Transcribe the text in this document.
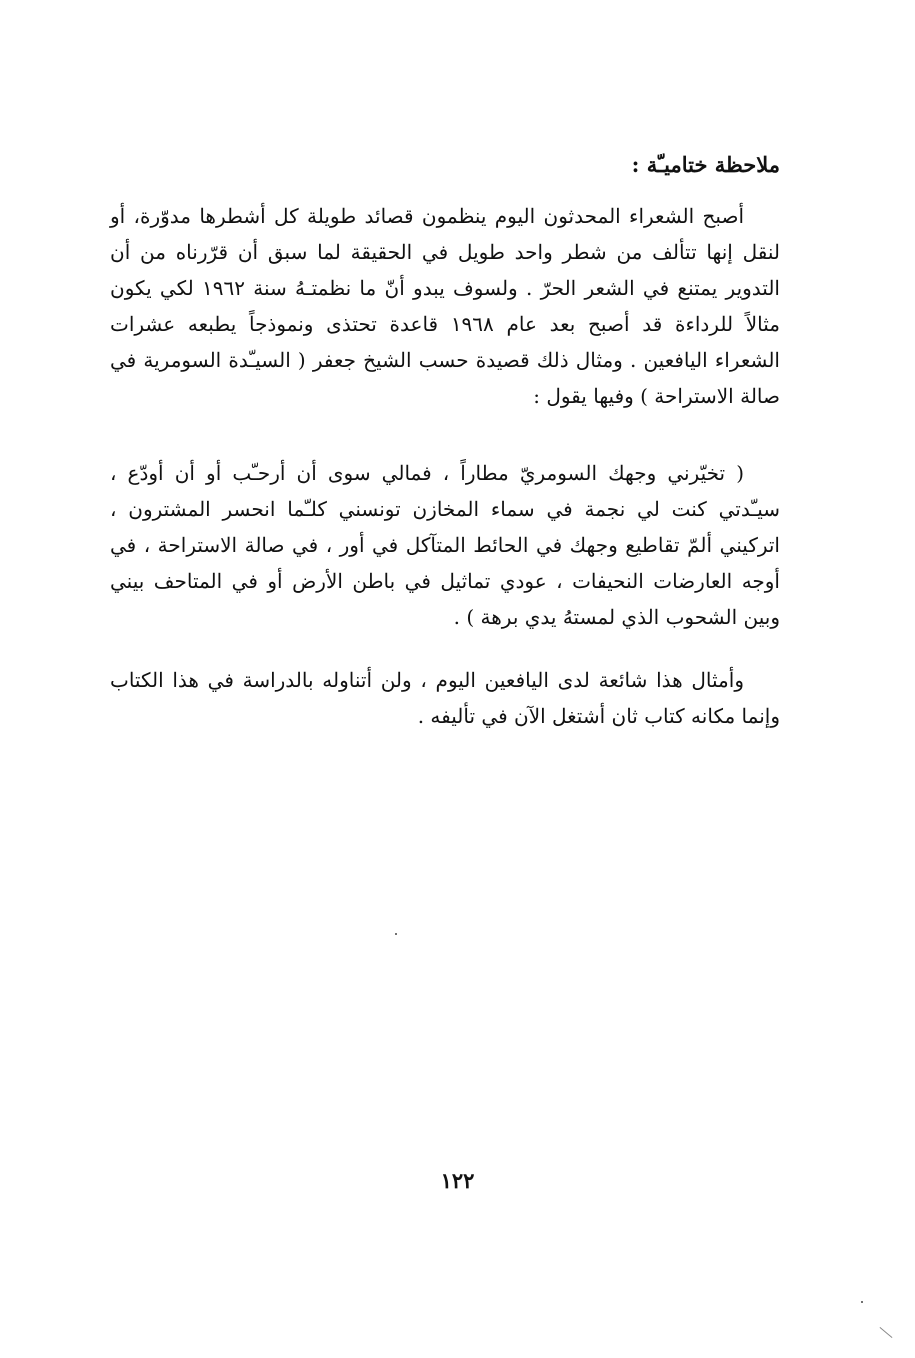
ملاحظة ختاميـّة :
أصبح الشعراء المحدثون اليوم ينظمون قصائد طويلة كل أشطرها مدوّرة، أو لنقل إنها تتألف من شطر واحد طويل في الحقيقة لما سبق أن قرّرناه من أن التدوير يمتنع في الشعر الحرّ . ولسوف يبدو أنّ ما نظمتـهُ سنة ١٩٦٢ لكي يكون مثالاً للرداءة قد أصبح بعد عام ١٩٦٨ قاعدة تحتذى ونموذجاً يطبعه عشرات الشعراء اليافعين . ومثال ذلك قصيدة حسب الشيخ جعفر ( السيـّدة السومرية في صالة الاستراحة ) وفيها يقول :
( تخيّرني وجهك السومريّ مطاراً ، فمالي سوى أن أرحـّب أو أن أودّع ، سيـّدتي كنت لي نجمة في سماء المخازن تونسني كلـّما انحسر المشترون ، اتركيني ألمّ تقاطيع وجهك في الحائط المتآكل في أور ، في صالة الاستراحة ، في أوجه العارضات النحيفات ، عودي تماثيل في باطن الأرض أو في المتاحف بيني وبين الشحوب الذي لمستهُ يدي برهة ) .
وأمثال هذا شائعة لدى اليافعين اليوم ، ولن أتناوله بالدراسة في هذا الكتاب وإنما مكانه كتاب ثان أشتغل الآن في تأليفه .
١٢٢
